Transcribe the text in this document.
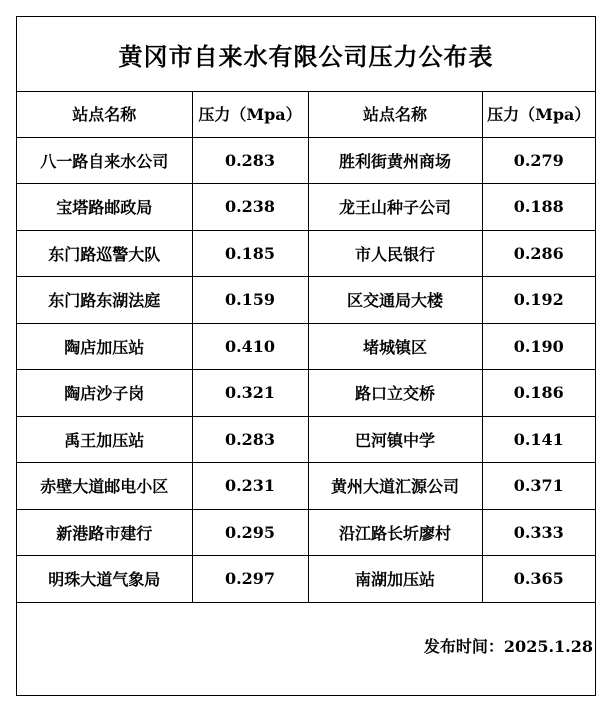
黄冈市自来水有限公司压力公布表
站点名称	压力（Mpa）	站点名称	压力（Mpa）
八一路自来水公司	0.283	胜利街黄州商场	0.279
宝塔路邮政局	0.238	龙王山种子公司	0.188
东门路巡警大队	0.185	市人民银行	0.286
东门路东湖法庭	0.159	区交通局大楼	0.192
陶店加压站	0.410	堵城镇区	0.190
陶店沙子岗	0.321	路口立交桥	0.186
禹王加压站	0.283	巴河镇中学	0.141
赤壁大道邮电小区	0.231	黄州大道汇源公司	0.371
新港路市建行	0.295	沿江路长圻廖村	0.333
明珠大道气象局	0.297	南湖加压站	0.365
发布时间：2025.1.28
